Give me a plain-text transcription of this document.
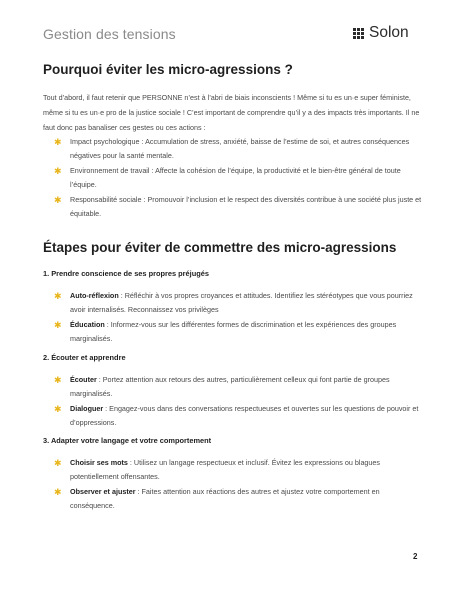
Gestion des tensions	Solon
Pourquoi éviter les micro-agressions ?
Tout d’abord, il faut retenir que PERSONNE n’est à l’abri de biais inconscients ! Même si tu es un·e super féministe, même si tu es un·e pro de la justice sociale ! C’est important de comprendre qu’il y a des impacts très importants. Il ne faut donc pas banaliser ces gestes ou ces actions :
✱ Impact psychologique : Accumulation de stress, anxiété, baisse de l’estime de soi, et autres conséquences négatives pour la santé mentale.
✱ Environnement de travail : Affecte la cohésion de l’équipe, la productivité et le bien-être général de toute l’équipe.
✱ Responsabilité sociale : Promouvoir l’inclusion et le respect des diversités contribue à une société plus juste et équitable.
Étapes pour éviter de commettre des micro-agressions
1. Prendre conscience de ses propres préjugés
✱ Auto-réflexion : Réfléchir à vos propres croyances et attitudes. Identifiez les stéréotypes que vous pourriez avoir internalisés. Reconnaissez vos privilèges
✱ Éducation : Informez-vous sur les différentes formes de discrimination et les expériences des groupes marginalisés.
2. Écouter et apprendre
✱ Écouter : Portez attention aux retours des autres, particulièrement celleux qui font partie de groupes marginalisés.
✱ Dialoguer : Engagez-vous dans des conversations respectueuses et ouvertes sur les questions de pouvoir et d’oppressions.
3. Adapter votre langage et votre comportement
✱ Choisir ses mots : Utilisez un langage respectueux et inclusif. Évitez les expressions ou blagues potentiellement offensantes.
✱ Observer et ajuster : Faites attention aux réactions des autres et ajustez votre comportement en conséquence.
2
